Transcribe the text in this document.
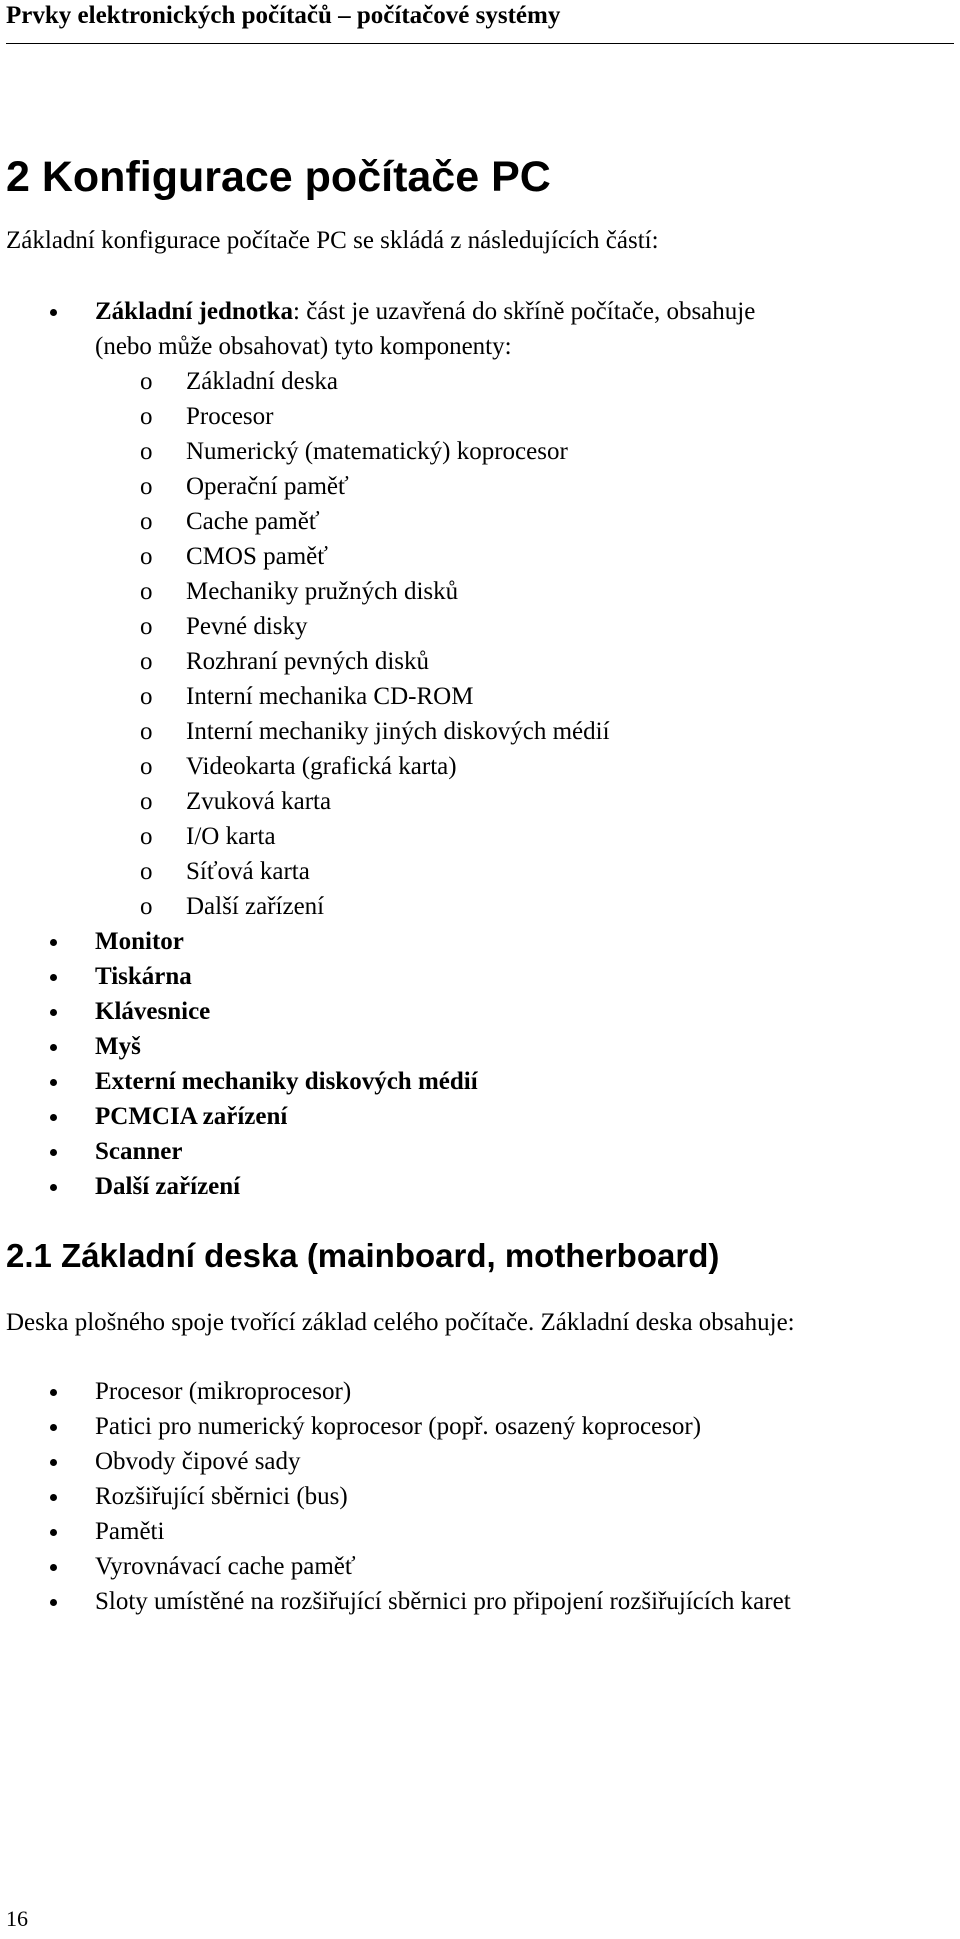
Prvky elektronických počítačů – počítačové systémy
2 Konfigurace počítače PC

Základní konfigurace počítače PC se skládá z následujících částí:

Základní jednotka: část je uzavřená do skříně počítače, obsahuje
(nebo může obsahovat) tyto komponenty:
o Základní deska
o Procesor
o Numerický (matematický) koprocesor
o Operační paměť
o Cache paměť
o CMOS paměť
o Mechaniky pružných disků
o Pevné disky
o Rozhraní pevných disků
o Interní mechanika CD-ROM
o Interní mechaniky jiných diskových médií
o Videokarta (grafická karta)
o Zvuková karta
o I/O karta
o Síťová karta
o Další zařízení
Monitor
Tiskárna
Klávesnice
Myš
Externí mechaniky diskových médií
PCMCIA zařízení
Scanner
Další zařízení
2.1 Základní deska (mainboard, motherboard)

Deska plošného spoje tvořící základ celého počítače. Základní deska obsahuje:

Procesor (mikroprocesor)
Patici pro numerický koprocesor (popř. osazený koprocesor)
Obvody čipové sady
Rozšiřující sběrnici (bus)
Paměti
Vyrovnávací cache paměť
Sloty umístěné na rozšiřující sběrnici pro připojení rozšiřujících karet
16
